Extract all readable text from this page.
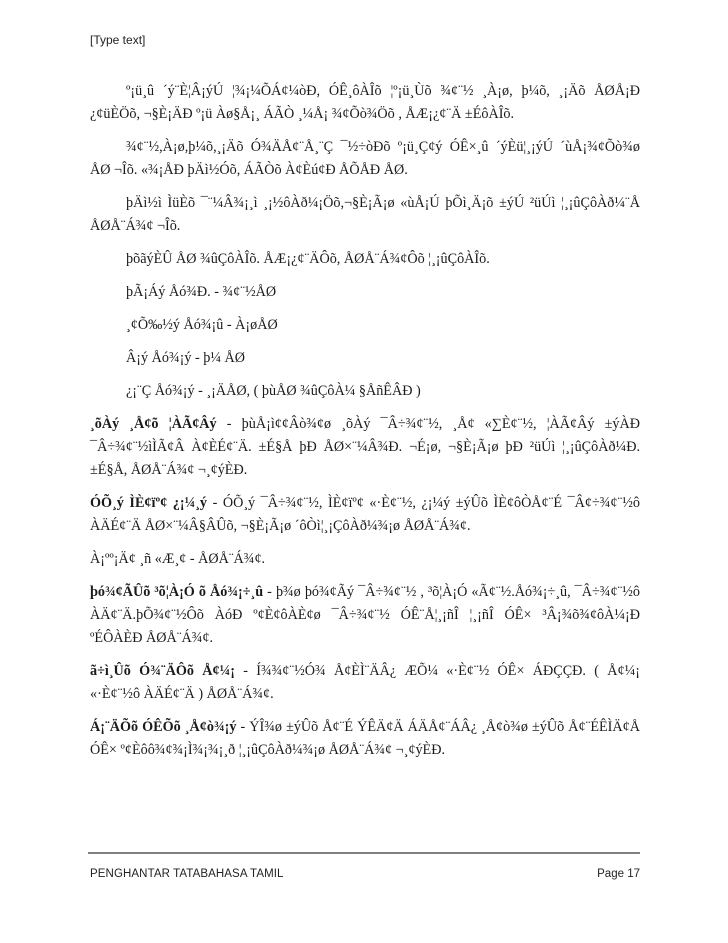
[Type text]

º¡ü¸û ´ý¨È¦Â¡ýÚ ¦¾¡¼ÕÁ¢¼òÐ, ÓÊ¸ôÀÎõ ¦º¡ü¸Ùõ ¾¢¨½ ¸À¡ø, þ¼õ, ¸¡Äõ ÅØÅ¡Ð ¿¢üÈÖõ, ¬§È¡ÄÐ º¡ü Àø§Å¡¸ ÁÃÒ ¸¼Å¡ ¾¢Õò¾Öõ , ÅÆ¡¿¢¨Ä ±ÉôÀÎõ.

¾¢¨½,À¡ø,þ¼õ,¸¡Äõ Ó¾ÄÅ¢¨Å¸¨Ç ¯½÷òÐõ º¡ü¸Ç¢ý ÓÊ×¸û ´ýÈü¦¸¡ýÚ ´ùÅ¡¾¢Õò¾ø ÅØ ¬Îõ. «¾¡ÅÐ þÄì½Óõ, ÁÃÒõ À¢Èú¢Ð ÅÕÅÐ ÅØ.

þÄì½ì ÌüÈõ ¯¨¼Â¾¡¸ì ¸¡½ôÀð¼¡Öõ,¬§È¡Ã¡ø «ùÅ¡Ú þÕì¸Ä¡õ ±ýÚ ²üÚì ¦¸¡ûÇôÀð¼¨Å ÅØÅ¨Á¾¢ ¬Îõ.

þõãýÈÛ ÅØ ¾ûÇôÀÎõ. ÅÆ¡¿¢¨ÄÔõ, ÅØÅ¨Á¾¢Ôõ ¦¸¡ûÇôÀÎõ.

þÃ¡Áý Åó¾Ð. - ¾¢¨½ÅØ

¸¢Õ‰½ý Åó¾¡û - À¡øÅØ

Â¡ý Åó¾¡ý - þ¼ ÅØ

¿¡¨Ç Åó¾¡ý - ¸¡ÄÅØ, ( þùÅØ ¾ûÇôÀ¼ §ÅñÊÂÐ )

¸õÀý ¸Å¢õ ¦ÀÃ¢Âý - þùÅ¡ì¢¢Âò¾¢ø ¸õÀý ¯Â÷¾¢¨½, ¸Å¢ «∑È¢¨½, ¦ÀÃ¢Âý ±ýÀÐ ¯Â÷¾¢¨½ìÌÃ¢Â À¢ÈÉ¢¨Ä. ±É§Å þÐ ÅØ×¨¼Â¾Ð. ¬É¡ø, ¬§È¡Ã¡ø þÐ ²üÚì ¦¸¡ûÇôÀð¼Ð. ±É§Å, ÅØÅ¨Á¾¢ ¬¸¢ýÈÐ.

ÓÕ¸ý ÌÈ¢ïº¢ ¿¡¼¸ý - ÓÕ¸ý ¯Â÷¾¢¨½, ÌÈ¢ïº¢ «·È¢¨½, ¿¡¼ý ±ýÛõ ÌÈ¢ôÒÅ¢¨É ¯Â¢÷¾¢¨½ô ÀÄÉ¢¨Ä ÅØ×¨¼Â§ÂÛõ, ¬§È¡Ã¡ø ´ôÒì¦¸¡ÇôÀð¼¾¡ø ÅØÅ¨Á¾¢.

À¡ºº¡Ä¢ ¸ñ «Æ¸¢ - ÅØÅ¨Á¾¢.

þó¾¢ÃÛõ ³õ¦À¡Ó õ Åó¾¡÷¸û - þ¾ø þó¾¢Ãý ¯Â÷¾¢¨½ , ³õ¦À¡Ó «Ã¢¨½.Åó¾¡÷¸û, ¯Â÷¾¢¨½ô ÀÄ¢¨Ä.þÕ¾¢¨½Ôõ ÀóÐ º¢È¢ôÀÈ¢ø ¯Â÷¾¢¨½ ÓÊ¨Å¦¸¡ñÎ ¦¸¡ñÎ ÓÊ× ³Â¡¾õ¾¢ôÀ¼¡Ð ºÉÔÀÈÐ ÅØÅ¨Á¾¢.

ã÷ì¸Ûõ Ó¾¨ÄÔõ Å¢¼¡ - Í¾¾¢¨½Ó¾ Å¢ÈÌ¨ÄÂ¿ ÆÕ¼ «·È¢¨½ ÓÊ× ÁÐÇÇÐ. ( Å¢¼¡ «·È¢¨½ô ÀÄÉ¢¨Ä ) ÅØÅ¨Á¾¢.

Á¡¨ÄÕõ ÓÊÕõ ¸Å¢ò¾¡ý - ÝÎ¾ø ±ýÛõ Å¢¨É ÝÊÄ¢Ä ÁÄÅ¢¨ÁÂ¿ ¸Å¢ò¾ø ±ýÛõ Å¢¨ÉÊÌÄ¢Å ÓÊ× º¢Èôô¾¢¾¡Ì¾¡¾¡¸ð ¦¸¡ûÇôÀð¼¾¡ø ÅØÅ¨Á¾¢ ¬¸¢ýÈÐ.

PENGHANTAR TATABAHASA TAMIL	Page 17
